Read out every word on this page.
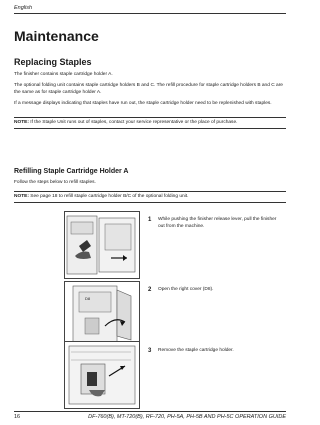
English
Maintenance
Replacing Staples
The finisher contains staple cartridge holder A.
The optional folding unit contains staple cartridge holders B and C. The refill procedure for staple cartridge holders B and C are the same as for staple cartridge holder A.
If a message displays indicating that staples have run out, the staple cartridge holder need to be replenished with staples.
NOTE: If the Staple Unit runs out of staples, contact your service representative or the place of purchase.
Refilling Staple Cartridge Holder A
Follow the steps below to refill staples.
NOTE: See page 18 to refill staple cartridge holder B/C of the optional folding unit.
1 While pushing the finisher release lever, pull the finisher out from the machine.
D8
2 Open the right cover (D8).
3 Remove the staple cartridge holder.
16	DF-760(B), MT-720(B), RF-720, PH-5A, PH-5B AND PH-5C OPERATION GUIDE
